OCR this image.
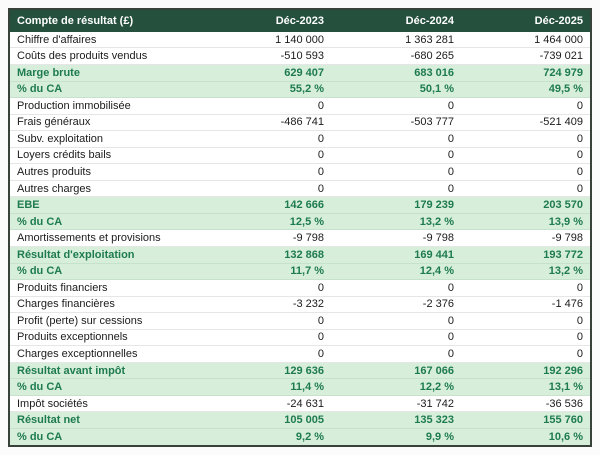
Compte de résultat (£)	Déc-2023	Déc-2024	Déc-2025
Chiffre d'affaires	1 140 000	1 363 281	1 464 000
Coûts des produits vendus	-510 593	-680 265	-739 021
Marge brute	629 407	683 016	724 979
% du CA	55,2 %	50,1 %	49,5 %
Production immobilisée	0	0	0
Frais généraux	-486 741	-503 777	-521 409
Subv. exploitation	0	0	0
Loyers crédits bails	0	0	0
Autres produits	0	0	0
Autres charges	0	0	0
EBE	142 666	179 239	203 570
% du CA	12,5 %	13,2 %	13,9 %
Amortissements et provisions	-9 798	-9 798	-9 798
Résultat d'exploitation	132 868	169 441	193 772
% du CA	11,7 %	12,4 %	13,2 %
Produits financiers	0	0	0
Charges financières	-3 232	-2 376	-1 476
Profit (perte) sur cessions	0	0	0
Produits exceptionnels	0	0	0
Charges exceptionnelles	0	0	0
Résultat avant impôt	129 636	167 066	192 296
% du CA	11,4 %	12,2 %	13,1 %
Impôt sociétés	-24 631	-31 742	-36 536
Résultat net	105 005	135 323	155 760
% du CA	9,2 %	9,9 %	10,6 %
